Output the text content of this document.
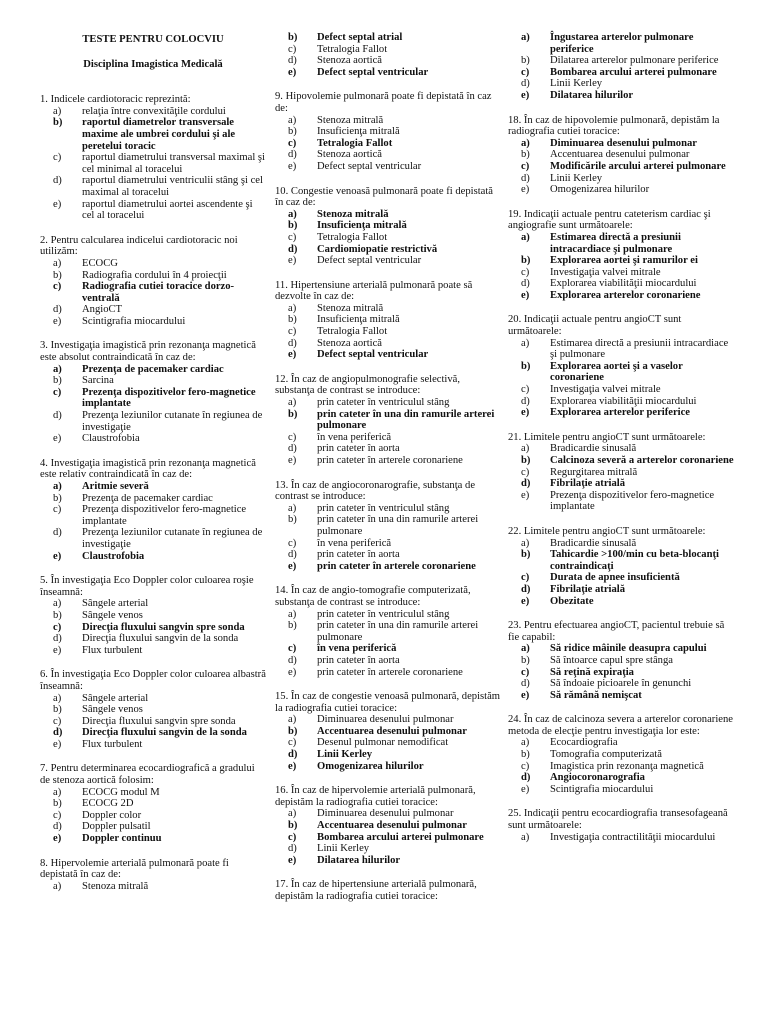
TESTE PENTRU COLOCVIU
Disciplina Imagistica Medicală
1. Indicele cardiotoracic reprezintă:
a)	relaţia între convexităţile cordului
b)	raportul diametrelor transversale maxime ale umbrei cordului şi ale peretelui toracic
c)	raportul diametrului transversal maximal şi cel minimal al toracelui
d)	raportul diametrului ventriculii stâng şi cel maximal al toracelui
e)	raportul diametrului aortei ascendente şi cel al toracelui
2. Pentru calcularea indicelui cardiotoracic noi utilizăm:
a)	ECOCG
b)	Radiografia cordului în 4 proiecţii
c)	Radiografia cutiei toracice dorzo-ventrală
d)	AngioCT
e)	Scintigrafia miocardului
3. Investigaţia imagistică prin rezonanţa magnetică este absolut contraindicată în caz de:
a)	Prezenţa de pacemaker cardiac
b)	Sarcina
c)	Prezenţa dispozitivelor fero-magnetice implantate
d)	Prezenţa leziunilor cutanate în regiunea de investigaţie
e)	Claustrofobia
4. Investigaţia imagistică prin rezonanţa magnetică este relativ contraindicată în caz de:
a)	Aritmie severă
b)	Prezenţa de pacemaker cardiac
c)	Prezenţa dispozitivelor fero-magnetice implantate
d)	Prezenţa leziunilor cutanate în regiunea de investigaţie
e)	Claustrofobia
5. În investigaţia Eco Doppler color culoarea roşie înseamnă:
a)	Sângele arterial
b)	Sângele venos
c)	Direcţia fluxului sangvin spre sonda
d)	Direcţia fluxului sangvin de la sonda
e)	Flux turbulent
6. În investigaţia Eco Doppler color culoarea albastră înseamnă:
a)	Sângele arterial
b)	Sângele venos
c)	Direcţia fluxului sangvin spre sonda
d)	Direcţia fluxului sangvin de la sonda
e)	Flux turbulent
7. Pentru determinarea ecocardiografică a gradului de stenoza aortică folosim:
a)	ECOCG modul M
b)	ECOCG 2D
c)	Doppler color
d)	Doppler pulsatil
e)	Doppler continuu
8. Hipervolemie arterială pulmonară poate fi depistată în caz de:
a)	Stenoza mitrală
b)	Defect septal atrial
c)	Tetralogia Fallot
d)	Stenoza aortică
e)	Defect septal ventricular
9. Hipovolemie pulmonară poate fi depistată în caz de:
a)	Stenoza mitrală
b)	Insuficienţa mitrală
c)	Tetralogia Fallot
d)	Stenoza aortică
e)	Defect septal ventricular
10. Congestie venoasă pulmonară poate fi depistată în caz de:
a)	Stenoza mitrală
b)	Insuficienţa mitrală
c)	Tetralogia Fallot
d)	Cardiomiopatie restrictivă
e)	Defect septal ventricular
11. Hipertensiune arterială pulmonară poate să dezvolte în caz de:
a)	Stenoza mitrală
b)	Insuficienţa mitrală
c)	Tetralogia Fallot
d)	Stenoza aortică
e)	Defect septal ventricular
12. În caz de angiopulmonografie selectivă, substanţa de contrast se introduce:
a)	prin cateter în ventriculul stâng
b)	prin cateter în una din ramurile arterei pulmonare
c)	în vena periferică
d)	prin cateter în aorta
e)	prin cateter în arterele coronariene
13. În caz de angiocoronarografie, substanţa de contrast se introduce:
a)	prin cateter în ventriculul stâng
b)	prin cateter în una din ramurile arterei pulmonare
c)	în vena periferică
d)	prin cateter în aorta
e)	prin cateter în arterele coronariene
14. În caz de angio-tomografie computerizată, substanţa de contrast se introduce:
a)	prin cateter în ventriculul stâng
b)	prin cateter în una din ramurile arterei pulmonare
c)	în vena periferică
d)	prin cateter în aorta
e)	prin cateter în arterele coronariene
15. În caz de congestie venoasă pulmonară, depistăm la radiografia cutiei toracice:
a)	Diminuarea desenului pulmonar
b)	Accentuarea desenului pulmonar
c)	Desenul pulmonar nemodificat
d)	Linii Kerley
e)	Omogenizarea hilurilor
16. În caz de hipervolemie arterială pulmonară, depistăm la radiografia cutiei toracice:
a)	Diminuarea desenului pulmonar
b)	Accentuarea desenului pulmonar
c)	Bombarea arcului arterei pulmonare
d)	Linii Kerley
e)	Dilatarea hilurilor
17. În caz de hipertensiune arterială pulmonară, depistăm la radiografia cutiei toracice:
a)	Îngustarea arterelor pulmonare periferice
b)	Dilatarea arterelor pulmonare periferice
c)	Bombarea arcului arterei pulmonare
d)	Linii Kerley
e)	Dilatarea hilurilor
18. În caz de hipovolemie pulmonară, depistăm la radiografia cutiei toracice:
a)	Diminuarea desenului pulmonar
b)	Accentuarea desenului pulmonar
c)	Modificările arcului arterei pulmonare
d)	Linii Kerley
e)	Omogenizarea hilurilor
19. Indicaţii actuale pentru cateterism cardiac şi angiografie sunt următoarele:
a)	Estimarea directă a presiunii intracardiace şi pulmonare
b)	Explorarea aortei şi ramurilor ei
c)	Investigaţia valvei mitrale
d)	Explorarea viabilităţii miocardului
e)	Explorarea arterelor coronariene
20. Indicaţii actuale pentru angioCT sunt următoarele:
a)	Estimarea directă a presiunii intracardiace şi pulmonare
b)	Explorarea aortei şi a vaselor coronariene
c)	Investigaţia valvei mitrale
d)	Explorarea viabilităţii miocardului
e)	Explorarea arterelor periferice
21. Limitele pentru angioCT sunt următoarele:
a)	Bradicardie sinusală
b)	Calcinoza severă a arterelor coronariene
c)	Regurgitarea mitrală
d)	Fibrilaţie atrială
e)	Prezenţa dispozitivelor fero-magnetice implantate
22. Limitele pentru angioCT sunt următoarele:
a)	Bradicardie sinusală
b)	Tahicardie >100/min cu beta-blocanţi contraindicaţi
c)	Durata de apnee insuficientă
d)	Fibrilaţie atrială
e)	Obezitate
23. Pentru efectuarea angioCT, pacientul trebuie să fie capabil:
a)	Să ridice mâinile deasupra capului
b)	Să întoarce capul spre stânga
c)	Să reţină expiraţia
d)	Să îndoaie picioarele în genunchi
e)	Să rămână nemişcat
24. În caz de calcinoza severa a arterelor coronariene metoda de elecţie pentru investigaţia lor este:
a)	Ecocardiografia
b)	Tomografia computerizată
c)	Imagistica prin rezonanţa magnetică
d)	Angiocoronarografia
e)	Scintigrafia miocardului
25. Indicaţii pentru ecocardiografia transesofageană sunt următoarele:
a)	Investigaţia contractilităţii miocardului
